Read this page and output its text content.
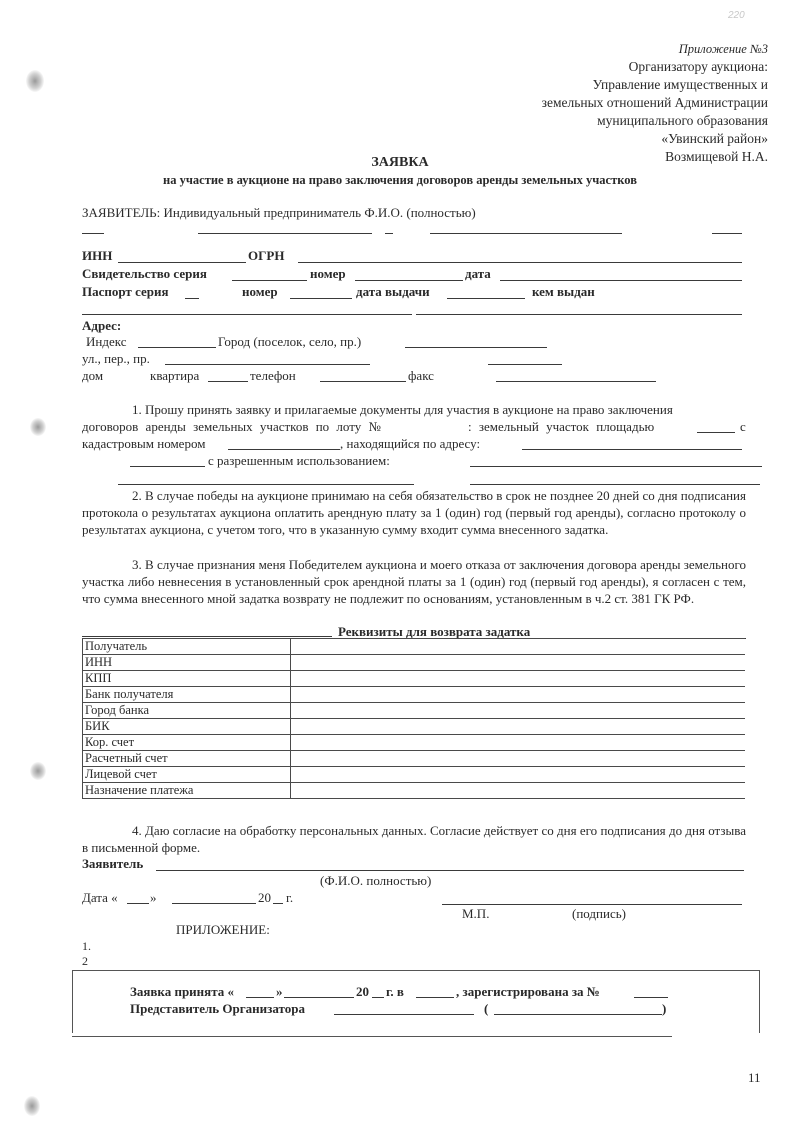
220
Приложение №3
Организатору аукциона:
Управление имущественных и
земельных отношений Администрации
муниципального образования
«Увинский район»
Возмищевой Н.А.
ЗАЯВКА
на участие в аукционе на право заключения договоров аренды земельных участков
ЗАЯВИТЕЛЬ: Индивидуальный предприниматель Ф.И.О. (полностью)
ИНН	ОГРН
Свидетельство серия	номер	дата
Паспорт серия	номер	дата выдачи	кем выдан
Адрес:
Индекс	Город (поселок, село, пр.)
ул., пер., пр.
дом	квартира	телефон	факс
1. Прошу принять заявку и прилагаемые документы для участия в аукционе на право заключения
договоров аренды земельных участков по лоту №	: земельный участок площадью	с
кадастровым номером	, находящийся по адресу:
с разрешенным использованием:
2. В случае победы на аукционе принимаю на себя обязательство в срок не позднее 20 дней со дня подписания протокола о результатах аукциона оплатить арендную плату за 1 (один) год (первый год аренды), согласно протоколу о результатах аукциона, с учетом того, что в указанную сумму входит сумма внесенного задатка.
3. В случае признания меня Победителем аукциона и моего отказа от заключения договора аренды земельного участка либо невнесения в установленный срок арендной платы за 1 (один) год (первый год аренды), я согласен с тем, что сумма внесенного мной задатка возврату не подлежит по основаниям, установленным в ч.2 ст. 381 ГК РФ.
Реквизиты для возврата задатка
Получатель	
ИНН	
КПП	
Банк получателя	
Город банка	
БИК	
Кор. счет	
Расчетный счет	
Лицевой счет	
Назначение платежа	
4. Даю согласие на обработку персональных данных. Согласие действует со дня его подписания до дня отзыва в письменной форме.
Заявитель
(Ф.И.О. полностью)
Дата « »	20 г.
М.П.	(подпись)
ПРИЛОЖЕНИЕ:
1.
2
Заявка принята «	»	20 г. в	, зарегистрирована за №
Представитель Организатора	(	)
11
